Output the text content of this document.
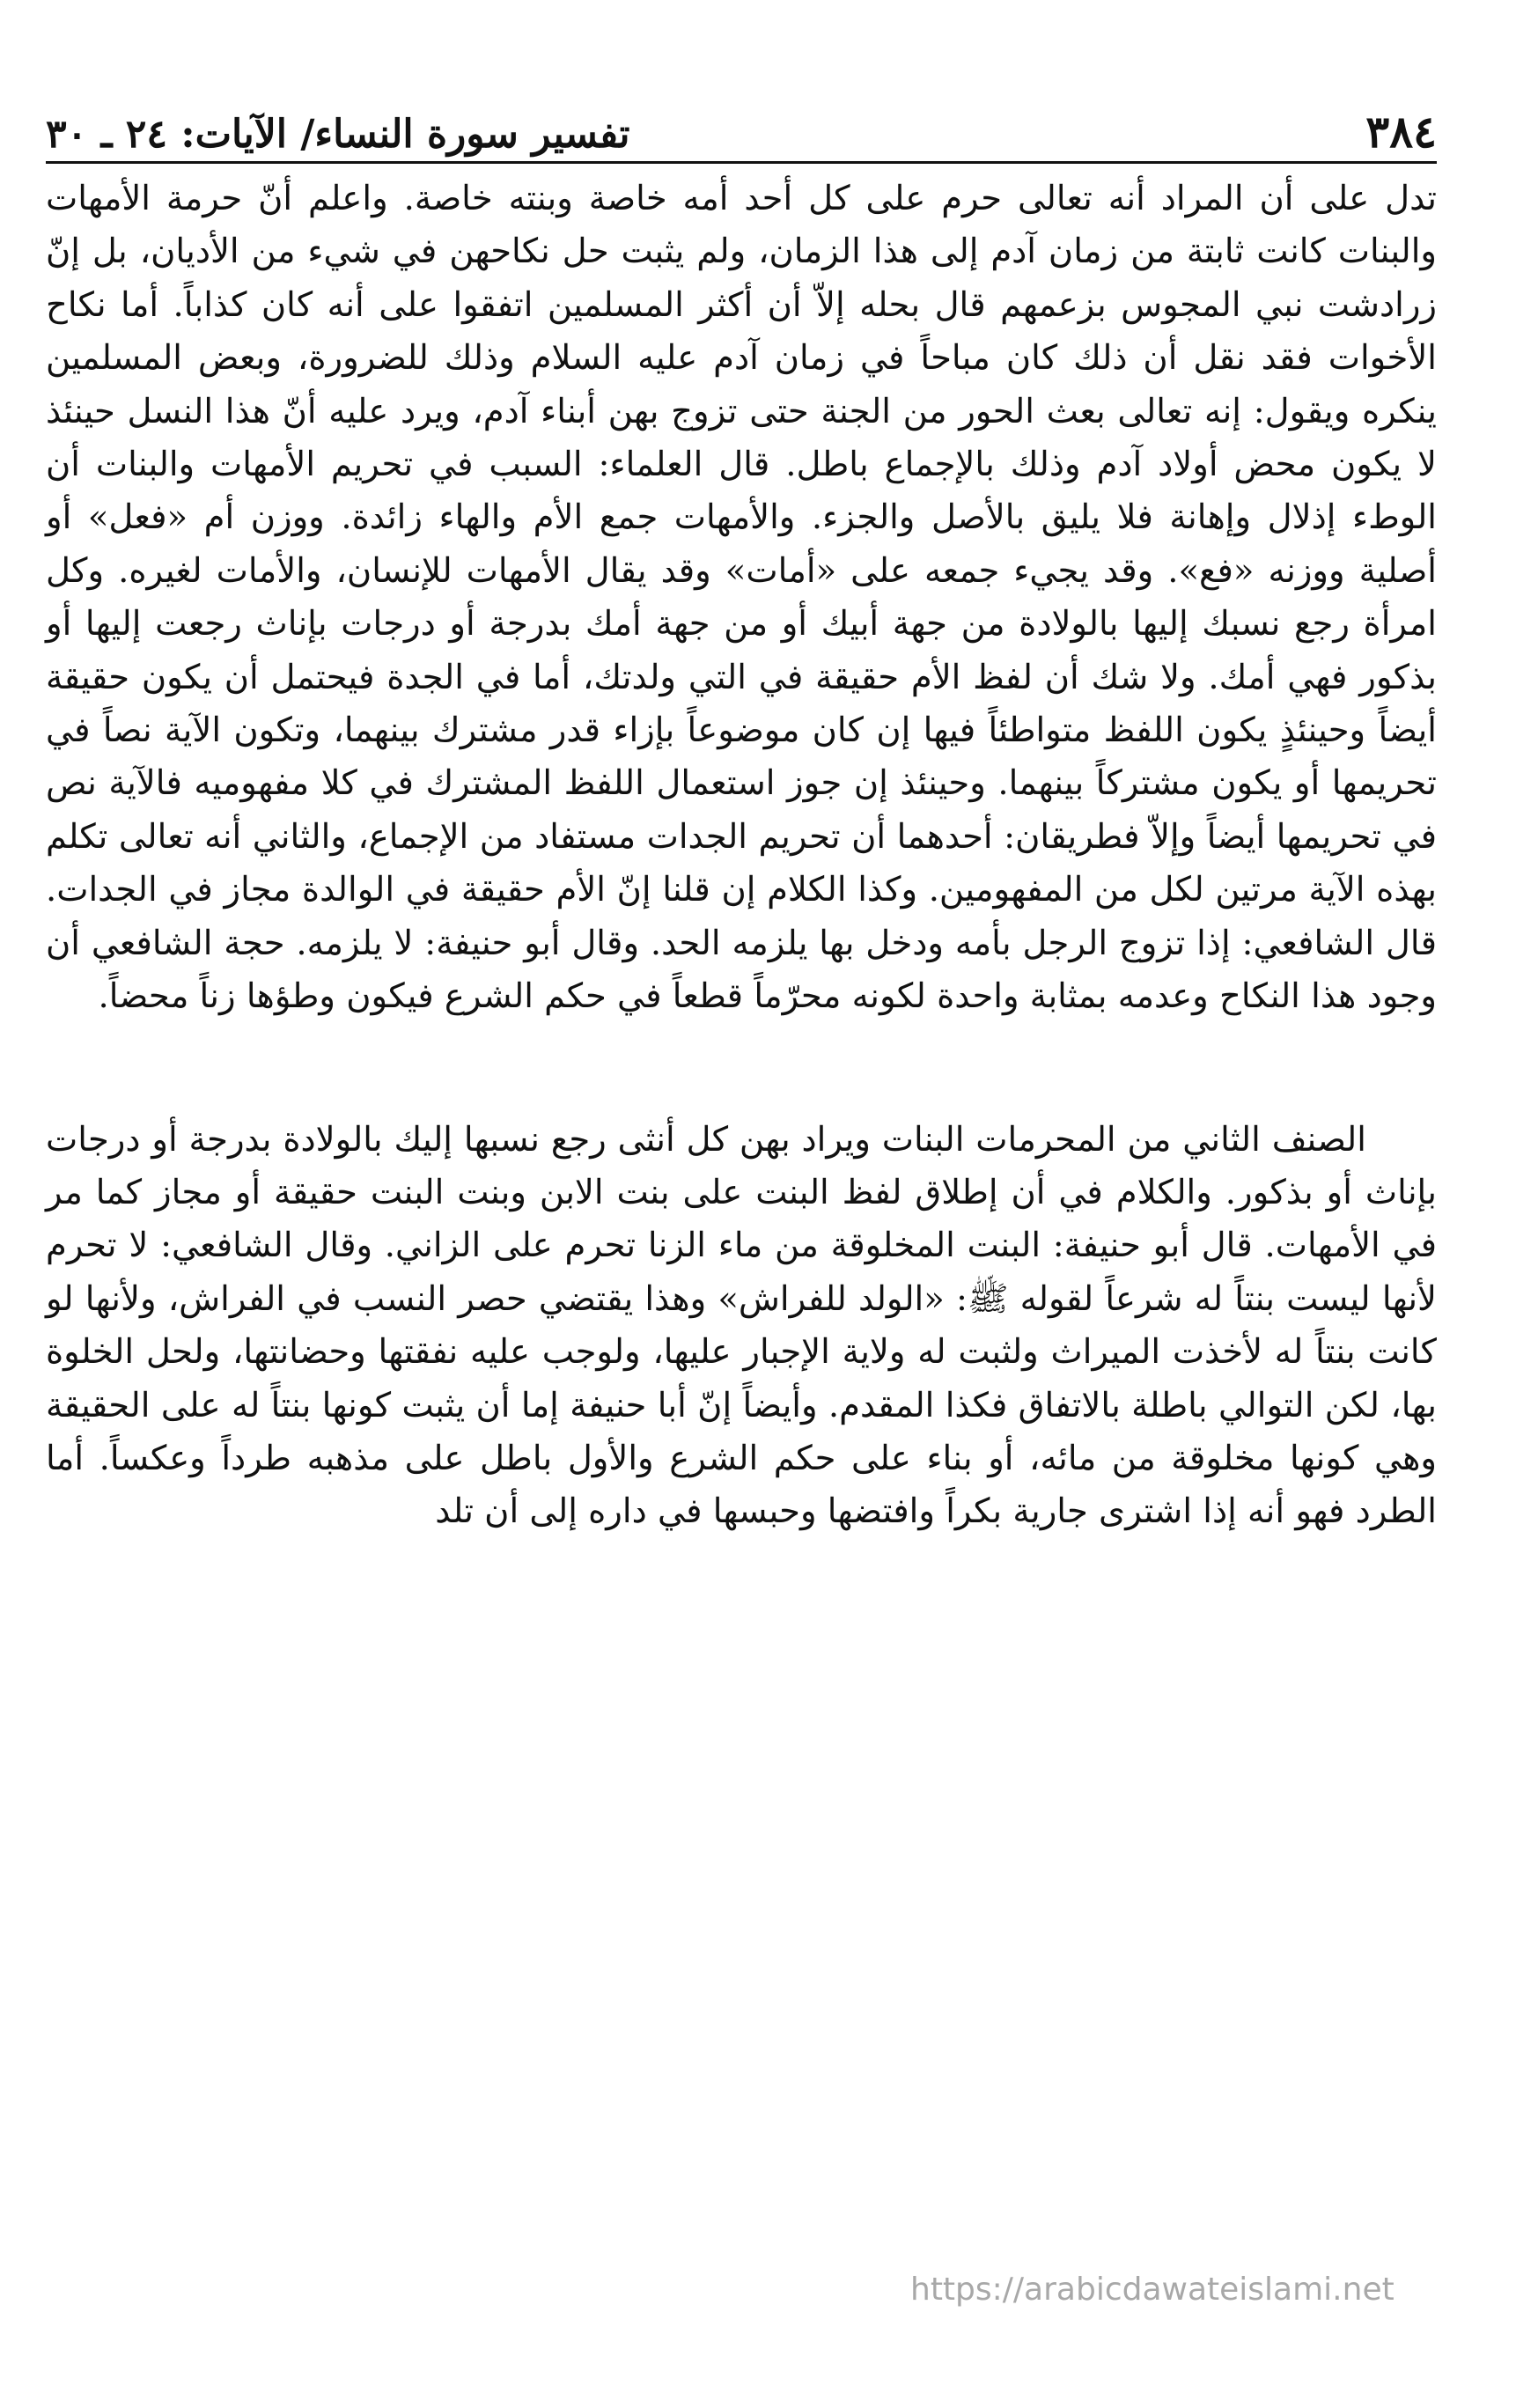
٣٨٤
تفسير سورة النساء/ الآيات: ٢٤ ـ ٣٠

تدل على أن المراد أنه تعالى حرم على كل أحد أمه خاصة وبنته خاصة. واعلم أنّ حرمة الأمهات والبنات كانت ثابتة من زمان آدم إلى هذا الزمان، ولم يثبت حل نكاحهن في شيء من الأديان، بل إنّ زرادشت نبي المجوس بزعمهم قال بحله إلاّ أن أكثر المسلمين اتفقوا على أنه كان كذاباً. أما نكاح الأخوات فقد نقل أن ذلك كان مباحاً في زمان آدم عليه السلام وذلك للضرورة، وبعض المسلمين ينكره ويقول: إنه تعالى بعث الحور من الجنة حتى تزوج بهن أبناء آدم، ويرد عليه أنّ هذا النسل حينئذ لا يكون محض أولاد آدم وذلك بالإجماع باطل. قال العلماء: السبب في تحريم الأمهات والبنات أن الوطء إذلال وإهانة فلا يليق بالأصل والجزء. والأمهات جمع الأم والهاء زائدة. ووزن أم «فعل» أو أصلية ووزنه «فع». وقد يجيء جمعه على «أمات» وقد يقال الأمهات للإنسان، والأمات لغيره. وكل امرأة رجع نسبك إليها بالولادة من جهة أبيك أو من جهة أمك بدرجة أو درجات بإناث رجعت إليها أو بذكور فهي أمك. ولا شك أن لفظ الأم حقيقة في التي ولدتك، أما في الجدة فيحتمل أن يكون حقيقة أيضاً وحينئذٍ يكون اللفظ متواطئاً فيها إن كان موضوعاً بإزاء قدر مشترك بينهما، وتكون الآية نصاً في تحريمها أو يكون مشتركاً بينهما. وحينئذ إن جوز استعمال اللفظ المشترك في كلا مفهوميه فالآية نص في تحريمها أيضاً وإلاّ فطريقان: أحدهما أن تحريم الجدات مستفاد من الإجماع، والثاني أنه تعالى تكلم بهذه الآية مرتين لكل من المفهومين. وكذا الكلام إن قلنا إنّ الأم حقيقة في الوالدة مجاز في الجدات. قال الشافعي: إذا تزوج الرجل بأمه ودخل بها يلزمه الحد. وقال أبو حنيفة: لا يلزمه. حجة الشافعي أن وجود هذا النكاح وعدمه بمثابة واحدة لكونه محرّماً قطعاً في حكم الشرع فيكون وطؤها زناً محضاً.

الصنف الثاني من المحرمات البنات ويراد بهن كل أنثى رجع نسبها إليك بالولادة بدرجة أو درجات بإناث أو بذكور. والكلام في أن إطلاق لفظ البنت على بنت الابن وبنت البنت حقيقة أو مجاز كما مر في الأمهات. قال أبو حنيفة: البنت المخلوقة من ماء الزنا تحرم على الزاني. وقال الشافعي: لا تحرم لأنها ليست بنتاً له شرعاً لقوله ﷺ: «الولد للفراش» وهذا يقتضي حصر النسب في الفراش، ولأنها لو كانت بنتاً له لأخذت الميراث ولثبت له ولاية الإجبار عليها، ولوجب عليه نفقتها وحضانتها، ولحل الخلوة بها، لكن التوالي باطلة بالاتفاق فكذا المقدم. وأيضاً إنّ أبا حنيفة إما أن يثبت كونها بنتاً له على الحقيقة وهي كونها مخلوقة من مائه، أو بناء على حكم الشرع والأول باطل على مذهبه طرداً وعكساً. أما الطرد فهو أنه إذا اشترى جارية بكراً وافتضها وحبسها في داره إلى أن تلد

https://arabicdawateislami.net
